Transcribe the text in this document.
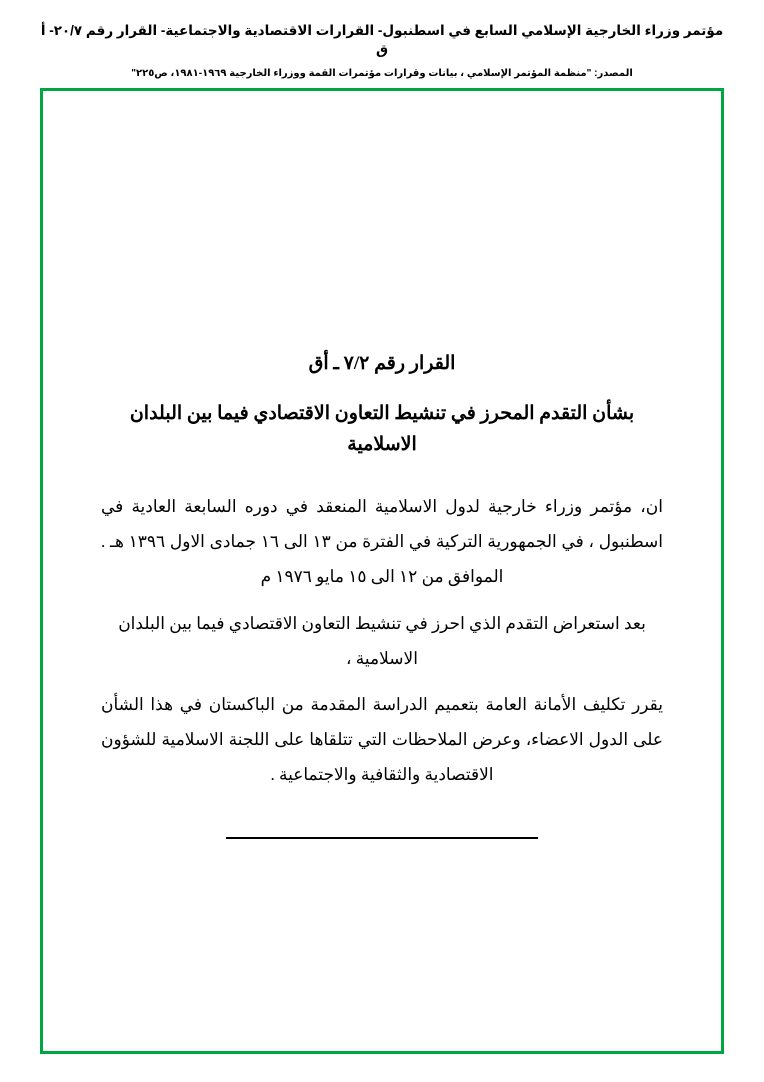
مؤتمر وزراء الخارجية الإسلامي السابع في اسطنبول- القرارات الاقتصادية والاجتماعية- القرار رقم ٢٠/٧- أ ق
المصدر: "منظمة المؤتمر الإسلامي ، بيانات وقرارات مؤتمرات القمة ووزراء الخارجية ١٩٦٩-١٩٨١، ص٢٢٥"
القرار رقم ٧/٢ ـ أق
بشأن التقدم المحرز في تنشيط التعاون الاقتصادي فيما بين البلدان الاسلامية

ان، مؤتمر وزراء خارجية لدول الاسلامية المنعقد في دوره السابعة العادية في اسطنبول ، في الجمهورية التركية في الفترة من ١٣ الى ١٦ جمادى الاول ١٣٩٦ هـ . الموافق من ١٢ الى ١٥ مايو ١٩٧٦ م

بعد استعراض التقدم الذي احرز في تنشيط التعاون الاقتصادي فيما بين البلدان الاسلامية ،

يقرر تكليف الأمانة العامة بتعميم الدراسة المقدمة من الباكستان في هذا الشأن على الدول الاعضاء، وعرض الملاحظات التي تتلقاها على اللجنة الاسلامية للشؤون الاقتصادية والثقافية والاجتماعية .
